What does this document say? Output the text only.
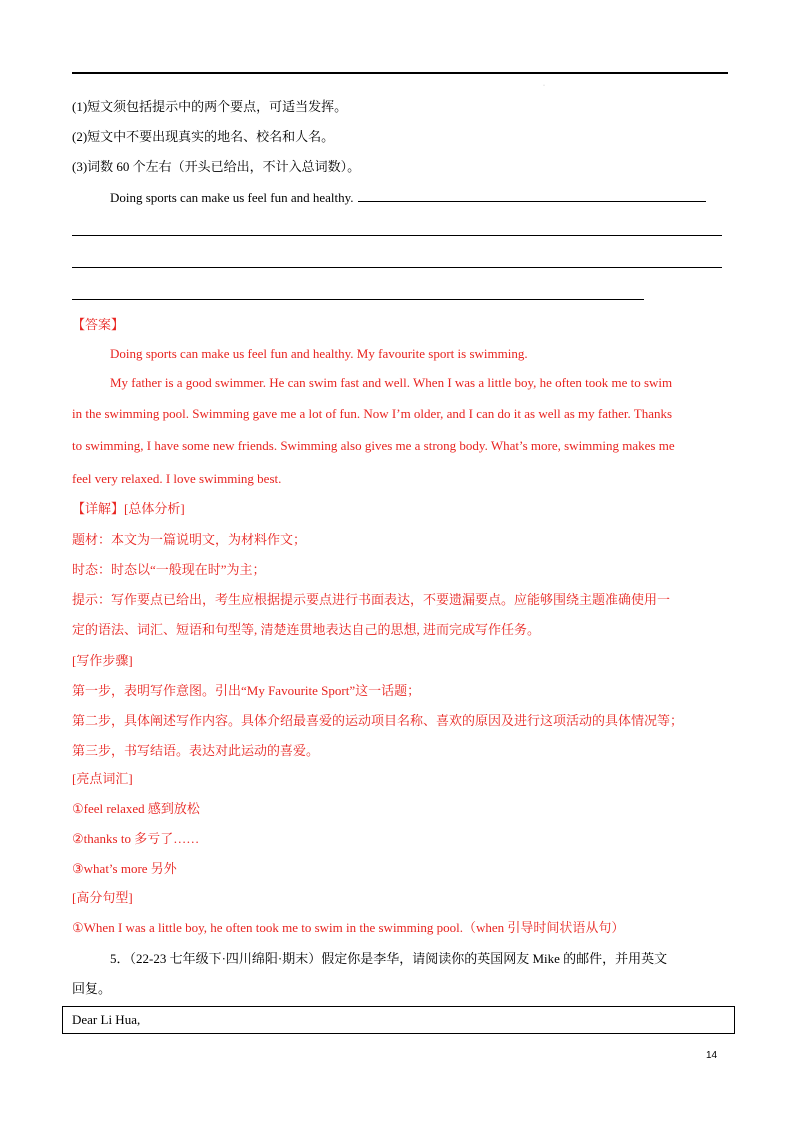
·
(1)短文须包括提示中的两个要点，可适当发挥。
(2)短文中不要出现真实的地名、校名和人名。
(3)词数 60 个左右（开头已给出，不计入总词数）。
Doing sports can make us feel fun and healthy.
【答案】
Doing sports can make us feel fun and healthy. My favourite sport is swimming.
My father is a good swimmer. He can swim fast and well. When I was a little boy, he often took me to swim
in the swimming pool. Swimming gave me a lot of fun. Now I’m older, and I can do it as well as my father. Thanks
to swimming, I have some new friends. Swimming also gives me a strong body. What’s more, swimming makes me
feel very relaxed. I love swimming best.
【详解】[总体分析]
题材：本文为一篇说明文，为材料作文；
时态：时态以“一般现在时”为主；
提示：写作要点已给出，考生应根据提示要点进行书面表达，不要遗漏要点。应能够围绕主题准确使用一
定的语法、词汇、短语和句型等, 清楚连贯地表达自己的思想, 进而完成写作任务。
[写作步骤]
第一步，表明写作意图。引出“My Favourite Sport”这一话题；
第二步，具体阐述写作内容。具体介绍最喜爱的运动项目名称、喜欢的原因及进行这项活动的具体情况等；
第三步，书写结语。表达对此运动的喜爱。
[亮点词汇]
①feel relaxed 感到放松
②thanks to 多亏了……
③what’s more 另外
[高分句型]
①When I was a little boy, he often took me to swim in the swimming pool.（when 引导时间状语从句）
5．（22-23 七年级下·四川绵阳·期末）假定你是李华，请阅读你的英国网友 Mike 的邮件，并用英文
回复。
Dear Li Hua,
14
